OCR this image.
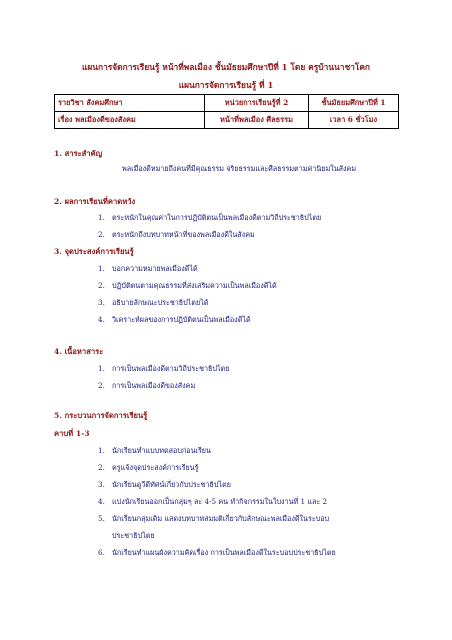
แผนการจัดการเรียนรู้ หน้าที่พลเมือง ชั้นมัธยมศึกษาปีที่ 1 โดย ครูบ้านนาชาโคก
แผนการจัดการเรียนรู้ ที่ 1
รายวิชา สังคมศึกษา	หน่วยการเรียนรู้ที่ 2	ชั้นมัธยมศึกษาปีที่ 1
เรื่อง พลเมืองดีของสังคม	หน้าที่พลเมือง ศีลธรรม	เวลา 6 ชั่วโมง
1. สาระสำคัญ
พลเมืองดีหมายถึงคนที่มีคุณธรรม จริยธรรมและศีลธรรมตามค่านิยมในสังคม
2. ผลการเรียนที่คาดหวัง
1. ตระหนักในคุณค่าในการปฏิบัติตนเป็นพลเมืองดีตามวิถีประชาธิปไตย
2. ตระหนักถึงบทบาทหน้าที่ของพลเมืองดีในสังคม
3. จุดประสงค์การเรียนรู้
1. บอกความหมายพลเมืองดีได้
2. ปฏิบัติตนตามคุณธรรมที่ส่งเสริมความเป็นพลเมืองดีได้
3. อธิบายลักษณะประชาธิปไตยได้
4. วิเคราะห์ผลของการปฏิบัติตนเป็นพลเมืองดีได้
4. เนื้อหาสาระ
1. การเป็นพลเมืองดีตามวิถีประชาธิปไตย
2. การเป็นพลเมืองดีของสังคม
5. กระบวนการจัดการเรียนรู้
คาบที่ 1-3
1. นักเรียนทำแบบทดสอบก่อนเรียน
2. ครูแจ้งจุดประสงค์การเรียนรู้
3. นักเรียนดูวีดีทัศน์เกี่ยวกับประชาธิปไตย
4. แบ่งนักเรียนออกเป็นกลุ่มๆ ละ 4-5 คน ทำกิจกรรมในใบงานที่ 1 และ 2
5. นักเรียนกลุ่มเดิม แสดงบทบาทสมมติเกี่ยวกับลักษณะพลเมืองดีในระบอบ
ประชาธิปไตย
6. นักเรียนทำแผนผังความคิดเรื่อง การเป็นพลเมืองดีในระบอบประชาธิปไตย
